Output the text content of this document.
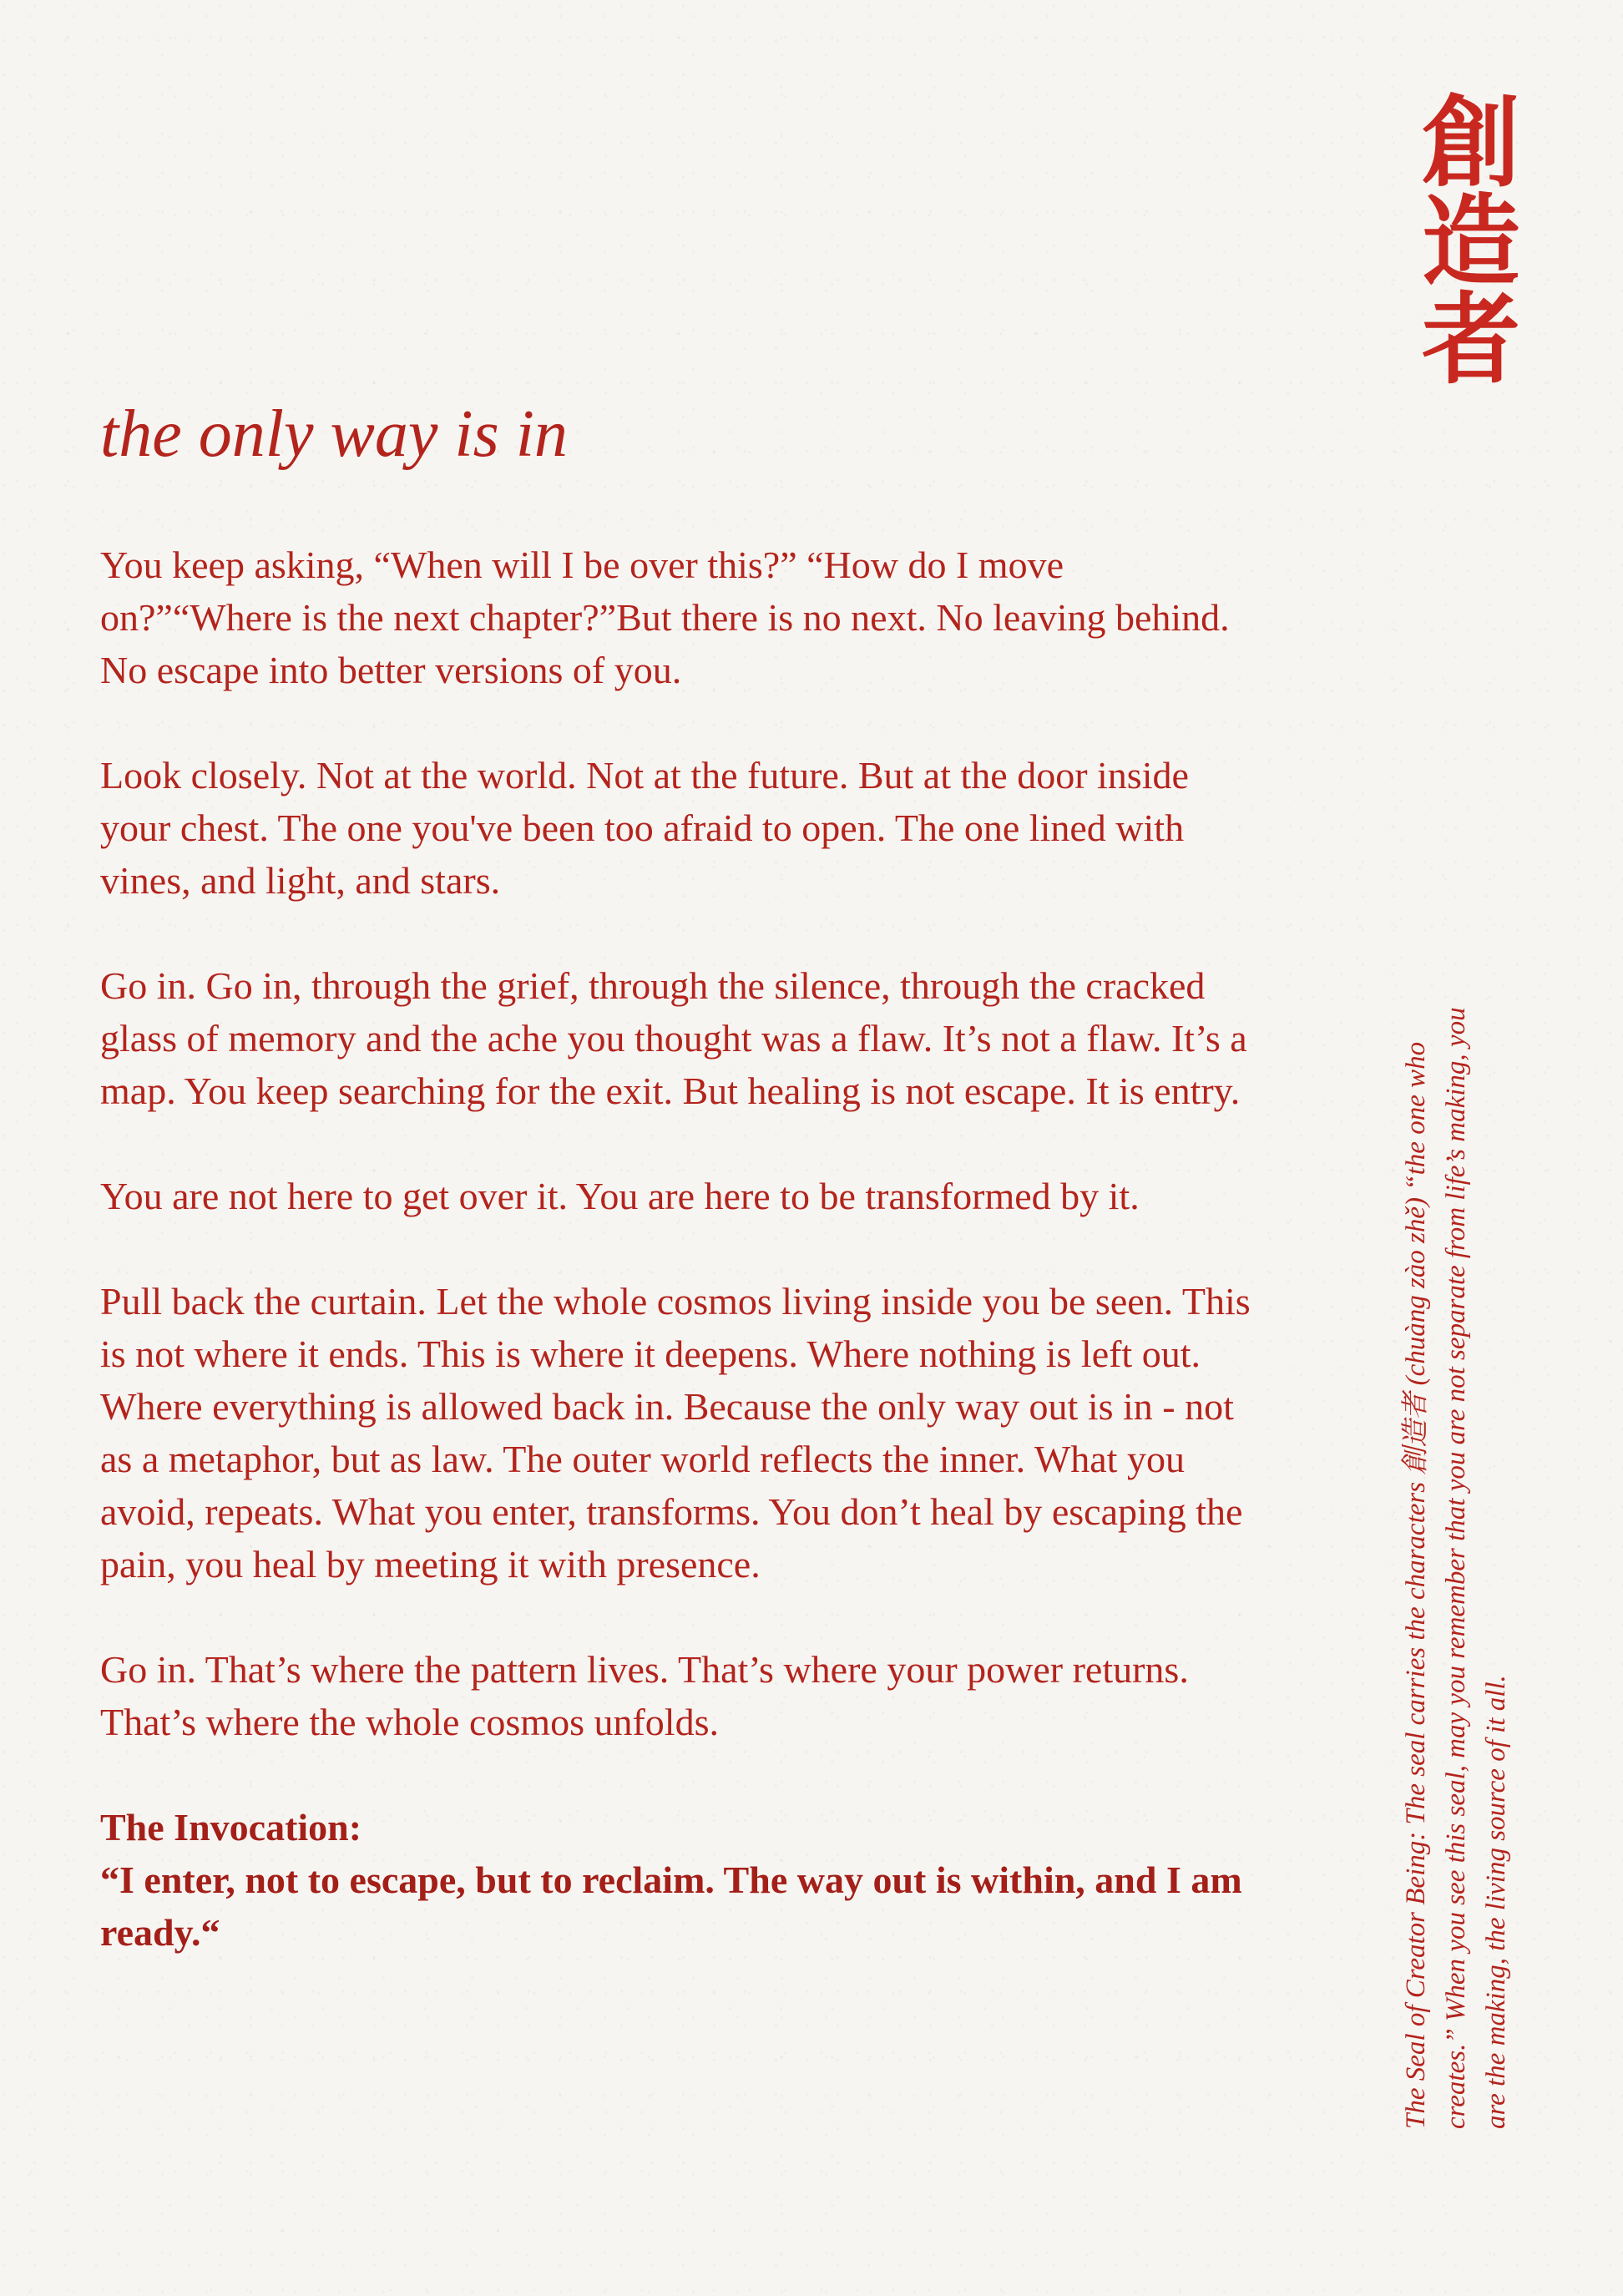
創
造
者
the only way is in

You keep asking, “When will I be over this?” “How do I move on?”“Where is the next chapter?”But there is no next. No leaving behind. No escape into better versions of you.

Look closely. Not at the world. Not at the future. But at the door inside your chest. The one you've been too afraid to open. The one lined with vines, and light, and stars.

Go in. Go in, through the grief, through the silence, through the cracked glass of memory and the ache you thought was a flaw. It’s not a flaw. It’s a map. You keep searching for the exit. But healing is not escape. It is entry.

You are not here to get over it. You are here to be transformed by it.

Pull back the curtain. Let the whole cosmos living inside you be seen. This is not where it ends. This is where it deepens. Where nothing is left out. Where everything is allowed back in. Because the only way out is in - not as a metaphor, but as law. The outer world reflects the inner. What you avoid, repeats. What you enter, transforms. You don’t heal by escaping the pain, you heal by meeting it with presence.

Go in. That’s where the pattern lives. That’s where your power returns. That’s where the whole cosmos unfolds.

The Invocation:

“I enter, not to escape, but to reclaim. The way out is within, and I am ready.“	The Seal of Creator Being: The seal carries the characters 創造者 (chuàng zào zhě) “the one who creates.” When you see this seal, may you remember that you are not separate from life’s making, you are the making, the living source of it all.
